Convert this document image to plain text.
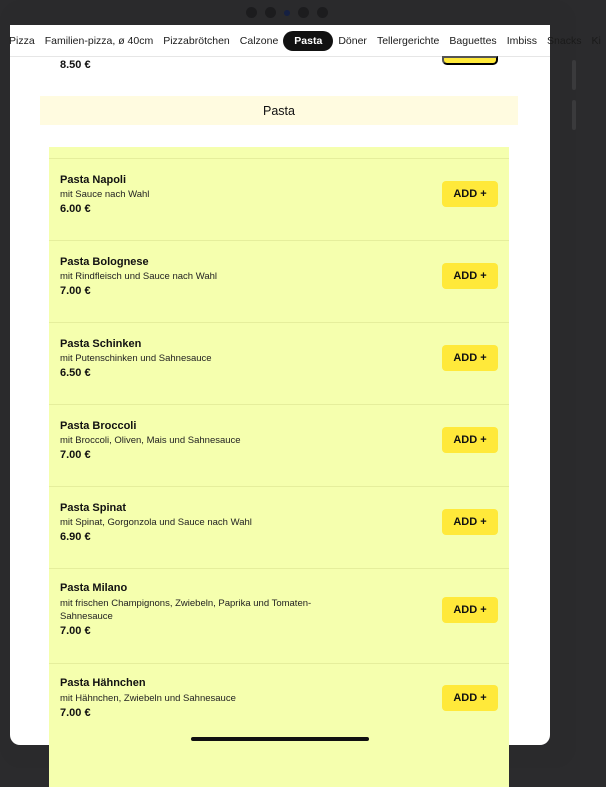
Pizza Familien-pizza, ø 40cm Pizzabrötchen Calzone	Pasta	Döner Tellergerichte Baguettes Imbiss Snacks Ki
8.50 €
Pasta
Pasta Napoli
mit Sauce nach Wahl
6.00 €
ADD +
Pasta Bolognese
mit Rindfleisch und Sauce nach Wahl
7.00 €
ADD +
Pasta Schinken
mit Putenschinken und Sahnesauce
6.50 €
ADD +
Pasta Broccoli
mit Broccoli, Oliven, Mais und Sahnesauce
7.00 €
ADD +
Pasta Spinat
mit Spinat, Gorgonzola und Sauce nach Wahl
6.90 €
ADD +
Pasta Milano
mit frischen Champignons, Zwiebeln, Paprika und Tomaten-Sahnesauce
7.00 €
ADD +
Pasta Hähnchen
mit Hähnchen, Zwiebeln und Sahnesauce
7.00 €
ADD +
